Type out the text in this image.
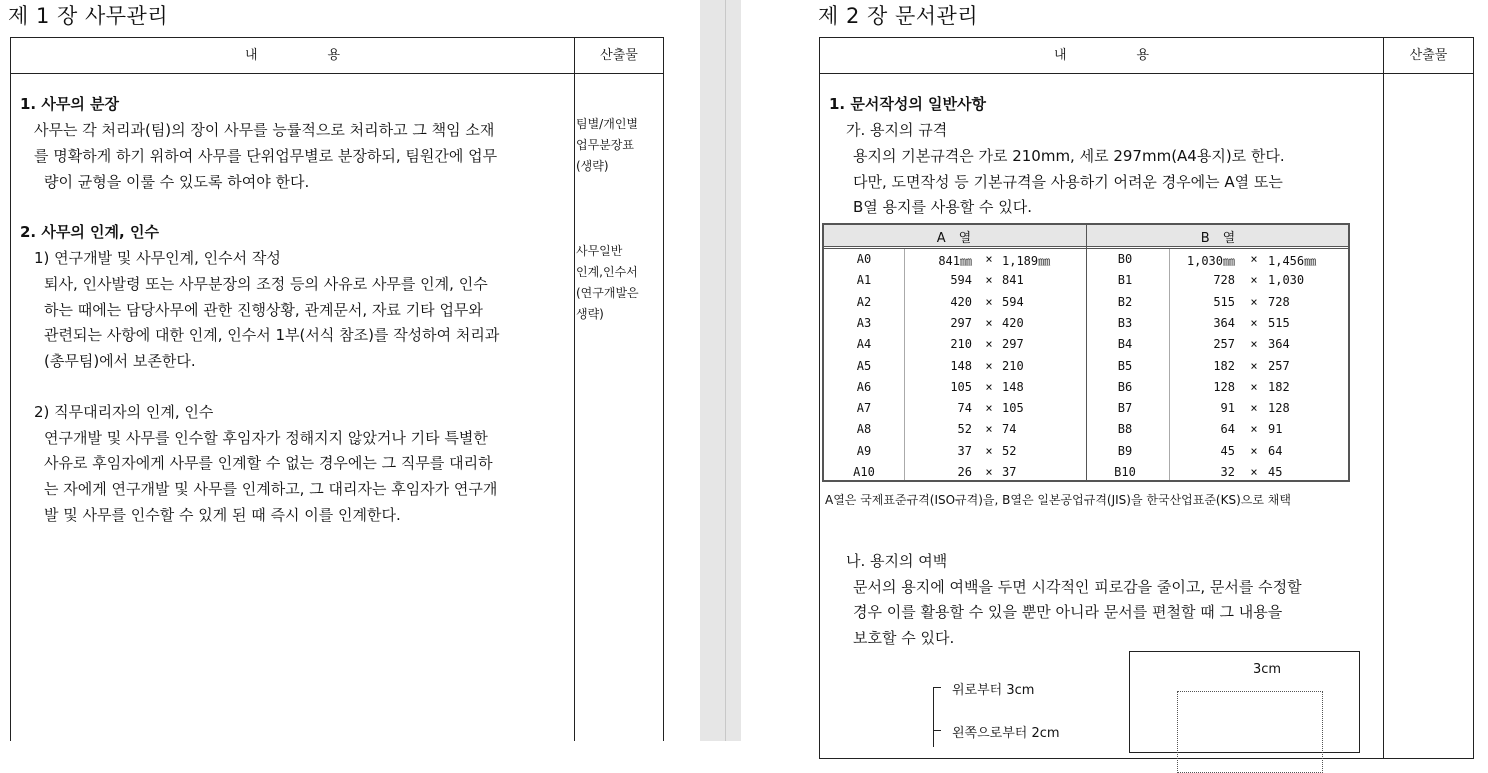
제 1 장 사무관리
내	용	산출물
1. 사무의 분장
사무는 각 처리과(팀)의 장이 사무를 능률적으로 처리하고 그 책임 소재
를 명확하게 하기 위하여 사무를 단위업무별로 분장하되, 팀원간에 업무
량이 균형을 이룰 수 있도록 하여야 한다.
팀별/개인별
업무분장표
(생략)
2. 사무의 인계, 인수
1) 연구개발 및 사무인계, 인수서 작성
퇴사, 인사발령 또는 사무분장의 조정 등의 사유로 사무를 인계, 인수
하는 때에는 담당사무에 관한 진행상황, 관계문서, 자료 기타 업무와
관련되는 사항에 대한 인계, 인수서 1부(서식 참조)를 작성하여 처리과
(총무팀)에서 보존한다.
2) 직무대리자의 인계, 인수
연구개발 및 사무를 인수할 후임자가 정해지지 않았거나 기타 특별한
사유로 후임자에게 사무를 인계할 수 없는 경우에는 그 직무를 대리하
는 자에게 연구개발 및 사무를 인계하고, 그 대리자는 후임자가 연구개
발 및 사무를 인수할 수 있게 된 때 즉시 이를 인계한다.
사무일반
인계,인수서
(연구개발은
생략)
제 2 장 문서관리
내	용	산출물
1. 문서작성의 일반사항
가. 용지의 규격
용지의 기본규격은 가로 210mm, 세로 297mm(A4용지)로 한다.
다만, 도면작성 등 기본규격을 사용하기 어려운 경우에는 A열 또는
B열 용지를 사용할 수 있다.
A　열	B　열
A0	841㎜	× 1,189㎜	B0	1,030㎜	× 1,456㎜
A1	594	× 841	B1	728	× 1,030
A2	420	× 594	B2	515	× 728
A3	297	× 420	B3	364	× 515
A4	210	× 297	B4	257	× 364
A5	148	× 210	B5	182	× 257
A6	105	× 148	B6	128	× 182
A7	74	× 105	B7	91	× 128
A8	52	× 74	B8	64	× 91
A9	37	× 52	B9	45	× 64
A10	26	× 37	B10	32	× 45
A열은 국제표준규격(ISO규격)을, B열은 일본공업규격(JIS)을 한국산업표준(KS)으로 채택
나. 용지의 여백
문서의 용지에 여백을 두면 시각적인 피로감을 줄이고, 문서를 수정할
경우 이를 활용할 수 있을 뿐만 아니라 문서를 편철할 때 그 내용을
보호할 수 있다.
3cm
위로부터 3cm
왼쪽으로부터 2cm
